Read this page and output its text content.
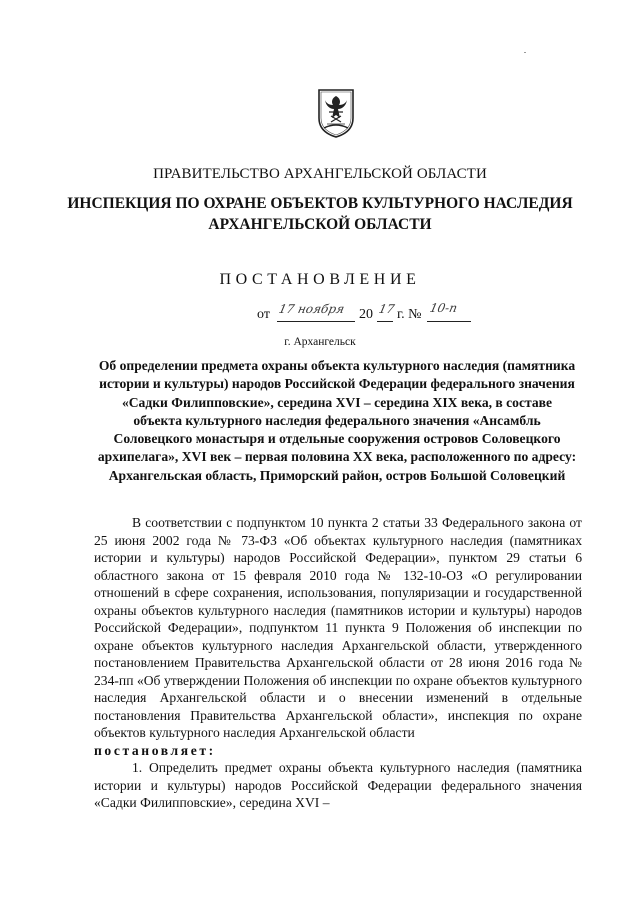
ПРАВИТЕЛЬСТВО АРХАНГЕЛЬСКОЙ ОБЛАСТИ
ИНСПЕКЦИЯ ПО ОХРАНЕ ОБЪЕКТОВ КУЛЬТУРНОГО НАСЛЕДИЯ
АРХАНГЕЛЬСКОЙ ОБЛАСТИ
ПОСТАНОВЛЕНИЕ
от 17 ноября 20 17 г. № 10-п
г. Архангельск
Об определении предмета охраны объекта культурного наследия (памятника истории и культуры) народов Российской Федерации федерального значения «Садки Филипповские», середина XVI – середина XIX века, в составе объекта культурного наследия федерального значения «Ансамбль Соловецкого монастыря и отдельные сооружения островов Соловецкого архипелага», XVI век – первая половина XX века, расположенного по адресу: Архангельская область, Приморский район, остров Большой Соловецкий

В соответствии с подпунктом 10 пункта 2 статьи 33 Федерального закона от 25 июня 2002 года № 73-ФЗ «Об объектах культурного наследия (памятниках истории и культуры) народов Российской Федерации», пунктом 29 статьи 6 областного закона от 15 февраля 2010 года № 132-10-ОЗ «О регулировании отношений в сфере сохранения, использования, популяризации и государственной охраны объектов культурного наследия (памятников истории и культуры) народов Российской Федерации», подпунктом 11 пункта 9 Положения об инспекции по охране объектов культурного наследия Архангельской области, утвержденного постановлением Правительства Архангельской области от 28 июня 2016 года № 234-пп «Об утверждении Положения об инспекции по охране объектов культурного наследия Архангельской области и о внесении изменений в отдельные постановления Правительства Архангельской области», инспекция по охране объектов культурного наследия Архангельской области

постановляет:

1. Определить предмет охраны объекта культурного наследия (памятника истории и культуры) народов Российской Федерации федерального значения «Садки Филипповские», середина XVI –
